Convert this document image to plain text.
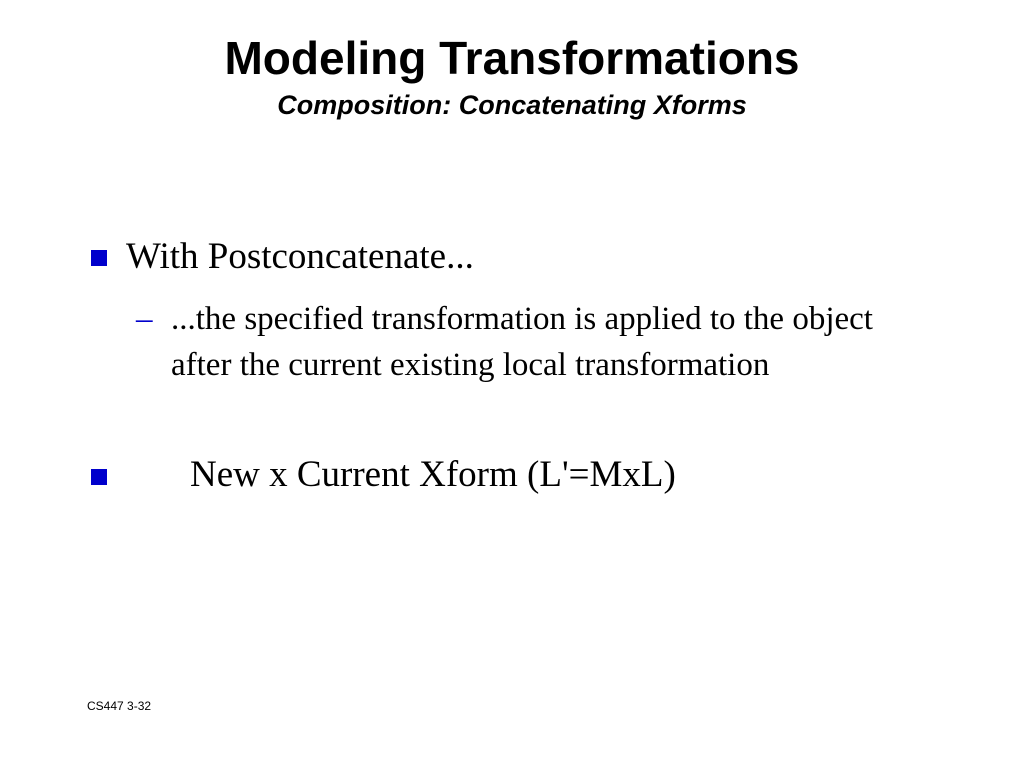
Modeling Transformations
Composition: Concatenating Xforms
With Postconcatenate...
– ...the specified transformation is applied to the object after the current existing local transformation
New x Current Xform (L'=MxL)
CS447 3-32
